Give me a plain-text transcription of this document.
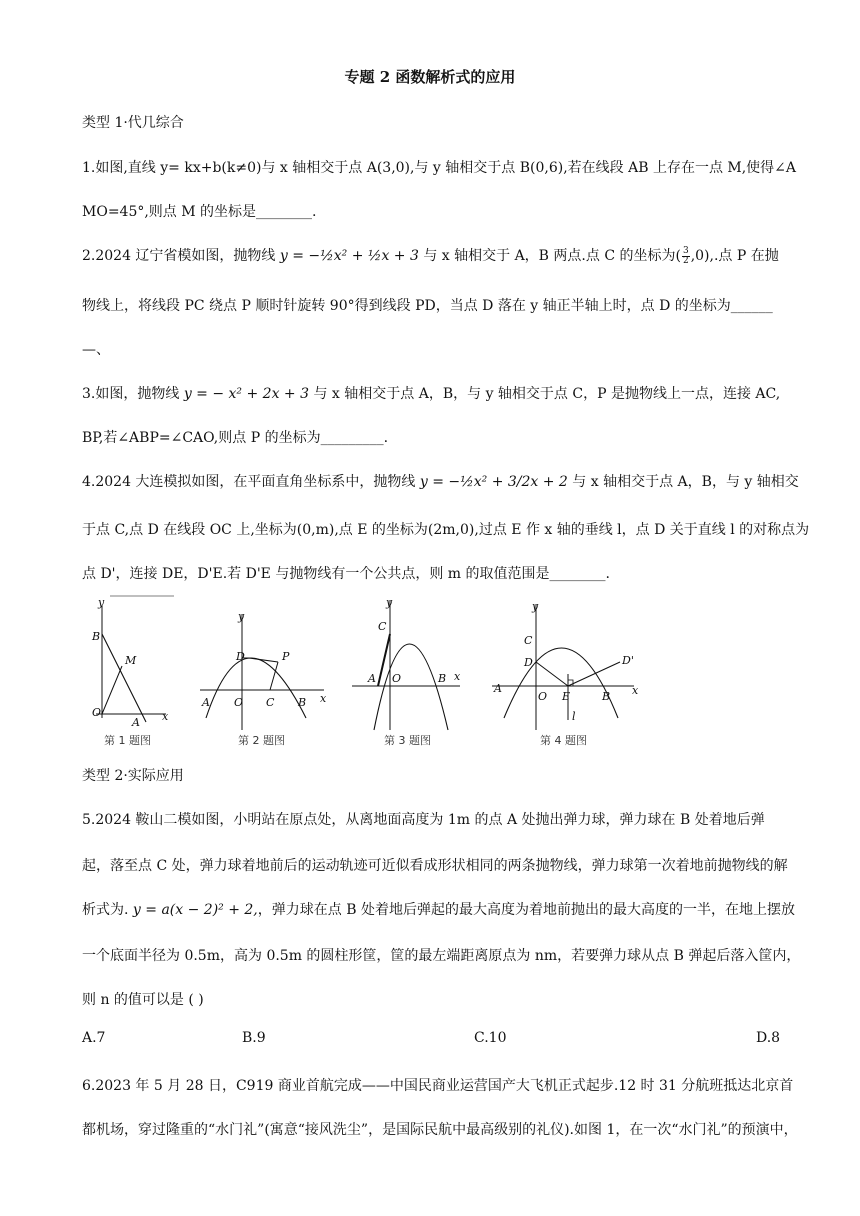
专题 2 函数解析式的应用
类型 1·代几综合
1.如图,直线 y= kx+b(k≠0)与 x 轴相交于点 A(3,0),与 y 轴相交于点 B(0,6),若在线段 AB 上存在一点 M,使得∠A
MO=45°,则点 M 的坐标是________.
2.2024 辽宁省模如图，抛物线 y = −½x² + ½x + 3 与 x 轴相交于 A，B 两点.点 C 的坐标为( $\frac{3}{2} ,0$),.点 P 在抛
物线上，将线段 PC 绕点 P 顺时针旋转 90°得到线段 PD，当点 D 落在 y 轴正半轴上时，点 D 的坐标为______
—、
3.如图，抛物线 y = − x² + 2x + 3 与 x 轴相交于点 A，B，与 y 轴相交于点 C，P 是抛物线上一点，连接 AC,
BP,若∠ABP=∠CAO,则点 P 的坐标为_________.
4.2024 大连模拟如图，在平面直角坐标系中，抛物线 y = −½x² + 3/2x + 2 与 x 轴相交于点 A，B，与 y 轴相交
于点 C,点 D 在线段 OC 上,坐标为(0,m),点 E 的坐标为(2m,0),过点 E 作 x 轴的垂线 l，点 D 关于直线 l 的对称点为
点 D'，连接 DE，D'E.若 D'E 与抛物线有一个公共点，则 m 的取值范围是________.
y
B
M
O
A x
y
D	P
A O C B x
y
C
A O	B x
y
C
D	D'
A
O E	B
l
x
第 1 题图	第 2 题图	第 3 题图	第 4 题图
类型 2·实际应用
5.2024 鞍山二模如图，小明站在原点处，从离地面高度为 1m 的点 A 处抛出弹力球，弹力球在 B 处着地后弹
起，落至点 C 处，弹力球着地前后的运动轨迹可近似看成形状相同的两条抛物线，弹力球第一次着地前抛物线的解
析式为. y = a(x − 2)² + 2,，弹力球在点 B 处着地后弹起的最大高度为着地前抛出的最大高度的一半，在地上摆放
一个底面半径为 0.5m，高为 0.5m 的圆柱形筐，筐的最左端距离原点为 nm，若要弹力球从点 B 弹起后落入筐内，
则 n 的值可以是 ( )
A.7	B.9	C.10	D.8
6.2023 年 5 月 28 日，C919 商业首航完成——中国民商业运营国产大飞机正式起步.12 时 31 分航班抵达北京首
都机场，穿过隆重的“水门礼”(寓意“接风洗尘”，是国际民航中最高级别的礼仪).如图 1，在一次“水门礼”的预演中，
